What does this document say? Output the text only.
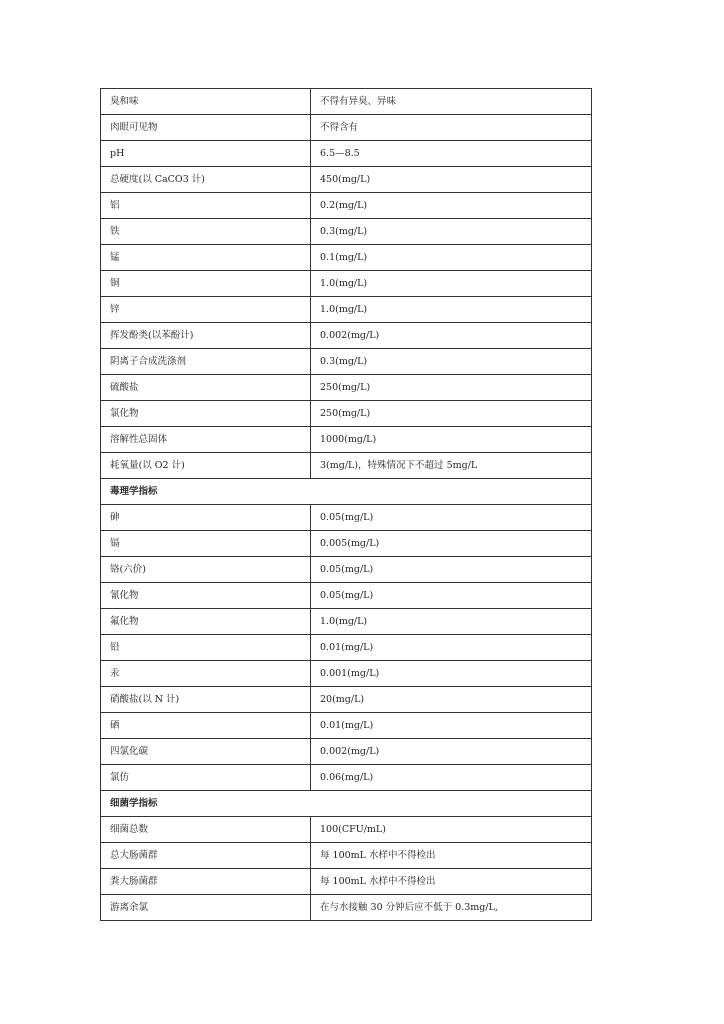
臭和味	不得有异臭、异味
肉眼可见物	不得含有
pH	6.5—8.5
总硬度(以 CaCO3 计)	450(mg/L)
铝	0.2(mg/L)
铁	0.3(mg/L)
锰	0.1(mg/L)
铜	1.0(mg/L)
锌	1.0(mg/L)
挥发酚类(以苯酚计)	0.002(mg/L)
阴离子合成洗涤剂	0.3(mg/L)
硫酸盐	250(mg/L)
氯化物	250(mg/L)
溶解性总固体	1000(mg/L)
耗氧量(以 O2 计)	3(mg/L)，特殊情况下不超过 5mg/L
毒理学指标	
砷	0.05(mg/L)
镉	0.005(mg/L)
铬(六价)	0.05(mg/L)
氰化物	0.05(mg/L)
氟化物	1.0(mg/L)
铅	0.01(mg/L)
汞	0.001(mg/L)
硝酸盐(以 N 计)	20(mg/L)
硒	0.01(mg/L)
四氯化碳	0.002(mg/L)
氯仿	0.06(mg/L)
细菌学指标	
细菌总数	100(CFU/mL)
总大肠菌群	每 100mL 水样中不得检出
粪大肠菌群	每 100mL 水样中不得检出
游离余氯	在与水接触 30 分钟后应不低于 0.3mg/L,
